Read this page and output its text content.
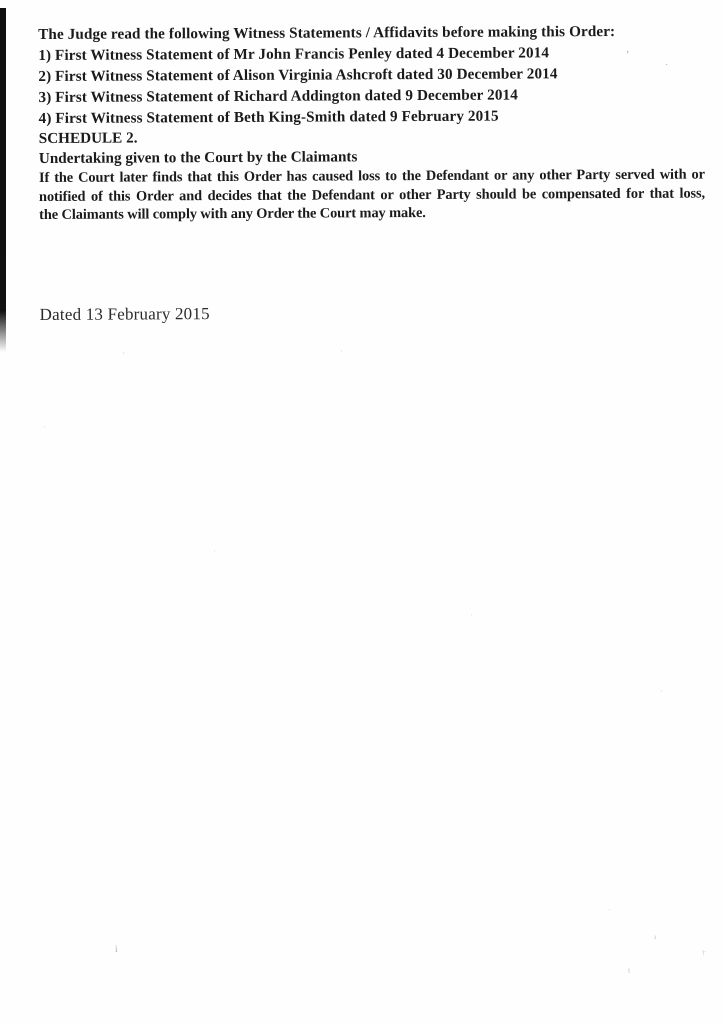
The Judge read the following Witness Statements / Affidavits before making this Order:
1) First Witness Statement of Mr John Francis Penley dated 4 December 2014
2) First Witness Statement of Alison Virginia Ashcroft dated 30 December 2014
3) First Witness Statement of Richard Addington dated 9 December 2014
4) First Witness Statement of Beth King-Smith dated 9 February 2015
SCHEDULE 2.
Undertaking given to the Court by the Claimants
If the Court later finds that this Order has caused loss to the Defendant or any other Party served with or
notified of this Order and decides that the Defendant or other Party should be compensated for that loss,
the Claimants will comply with any Order the Court may make.
Dated 13 February 2015
’
·
·	·
·
·
·
·
·
i
¹
t
†
